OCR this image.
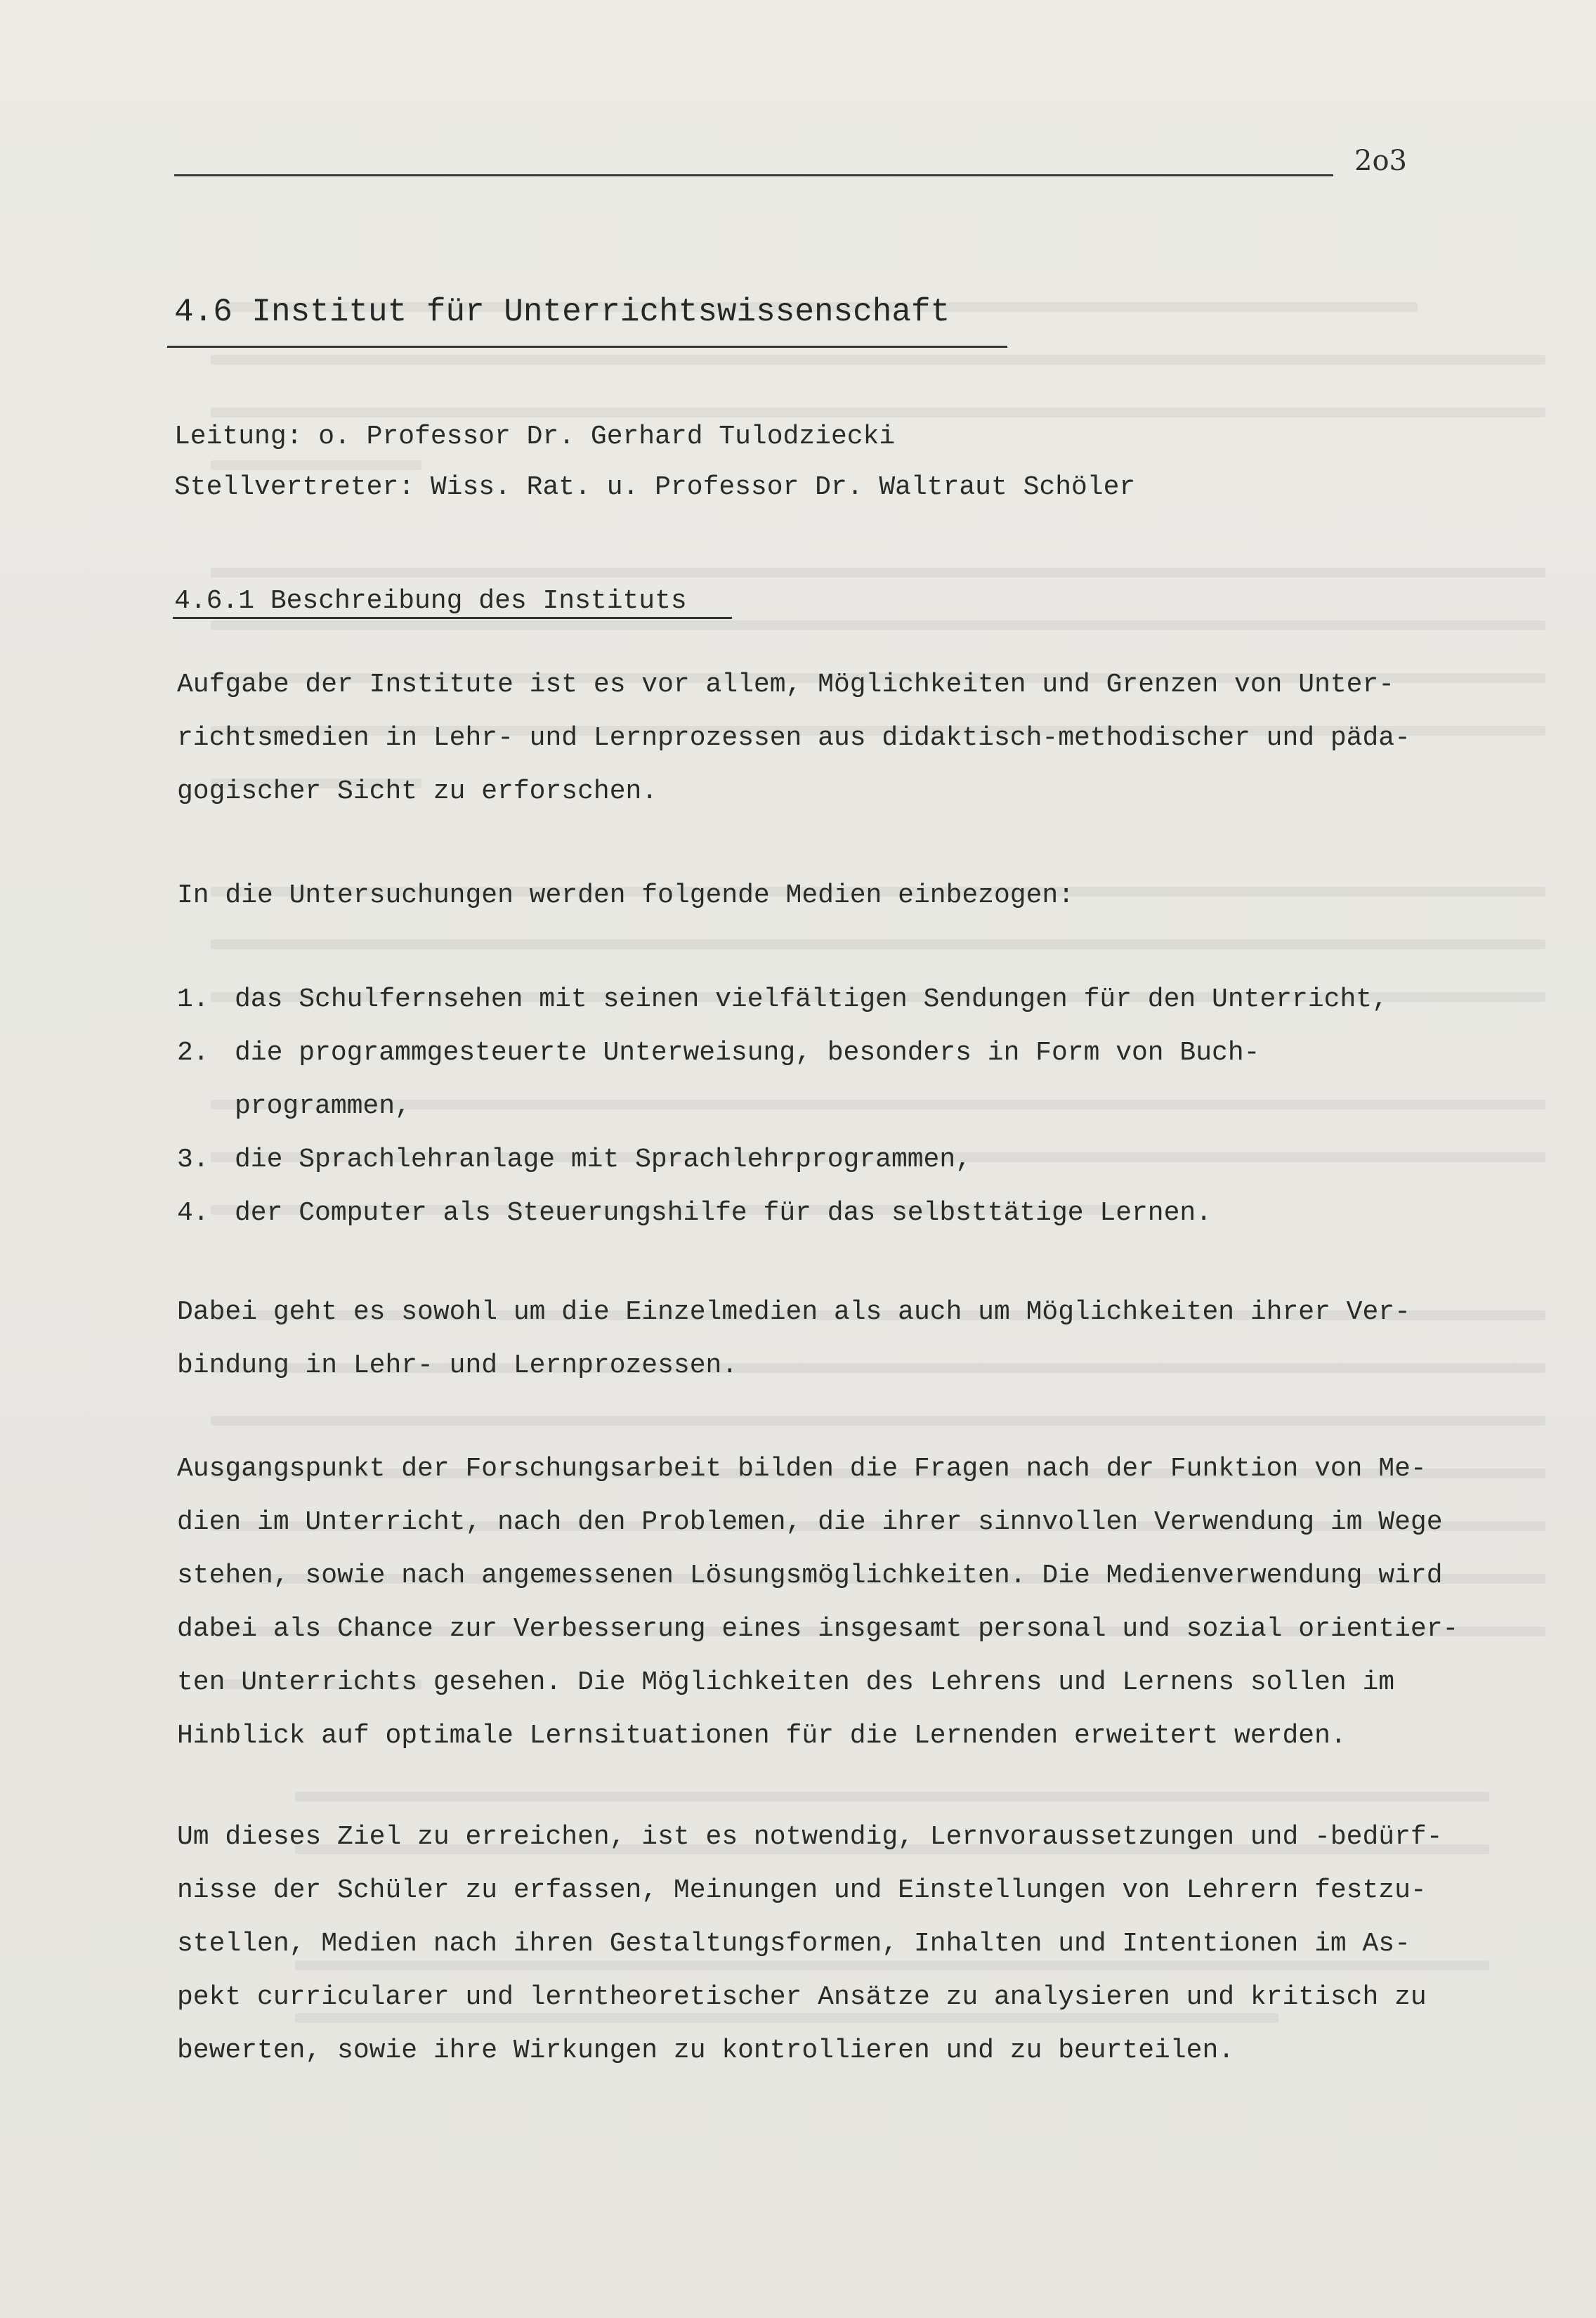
2o3
4.6 Institut für Unterrichtswissenschaft
Leitung: o. Professor Dr. Gerhard Tulodziecki
Stellvertreter: Wiss. Rat. u. Professor Dr. Waltraut Schöler
4.6.1 Beschreibung des Instituts
Aufgabe der Institute ist es vor allem, Möglichkeiten und Grenzen von Unter-
richtsmedien in Lehr- und Lernprozessen aus didaktisch-methodischer und päda-
gogischer Sicht zu erforschen.
In die Untersuchungen werden folgende Medien einbezogen:
1. das Schulfernsehen mit seinen vielfältigen Sendungen für den Unterricht,
2. die programmgesteuerte Unterweisung, besonders in Form von Buch-
programmen,
3. die Sprachlehranlage mit Sprachlehrprogrammen,
4. der Computer als Steuerungshilfe für das selbsttätige Lernen.
Dabei geht es sowohl um die Einzelmedien als auch um Möglichkeiten ihrer Ver-
bindung in Lehr- und Lernprozessen.
Ausgangspunkt der Forschungsarbeit bilden die Fragen nach der Funktion von Me-
dien im Unterricht, nach den Problemen, die ihrer sinnvollen Verwendung im Wege
stehen, sowie nach angemessenen Lösungsmöglichkeiten. Die Medienverwendung wird
dabei als Chance zur Verbesserung eines insgesamt personal und sozial orientier-
ten Unterrichts gesehen. Die Möglichkeiten des Lehrens und Lernens sollen im
Hinblick auf optimale Lernsituationen für die Lernenden erweitert werden.
Um dieses Ziel zu erreichen, ist es notwendig, Lernvoraussetzungen und -bedürf-
nisse der Schüler zu erfassen, Meinungen und Einstellungen von Lehrern festzu-
stellen, Medien nach ihren Gestaltungsformen, Inhalten und Intentionen im As-
pekt curricularer und lerntheoretischer Ansätze zu analysieren und kritisch zu
bewerten, sowie ihre Wirkungen zu kontrollieren und zu beurteilen.
